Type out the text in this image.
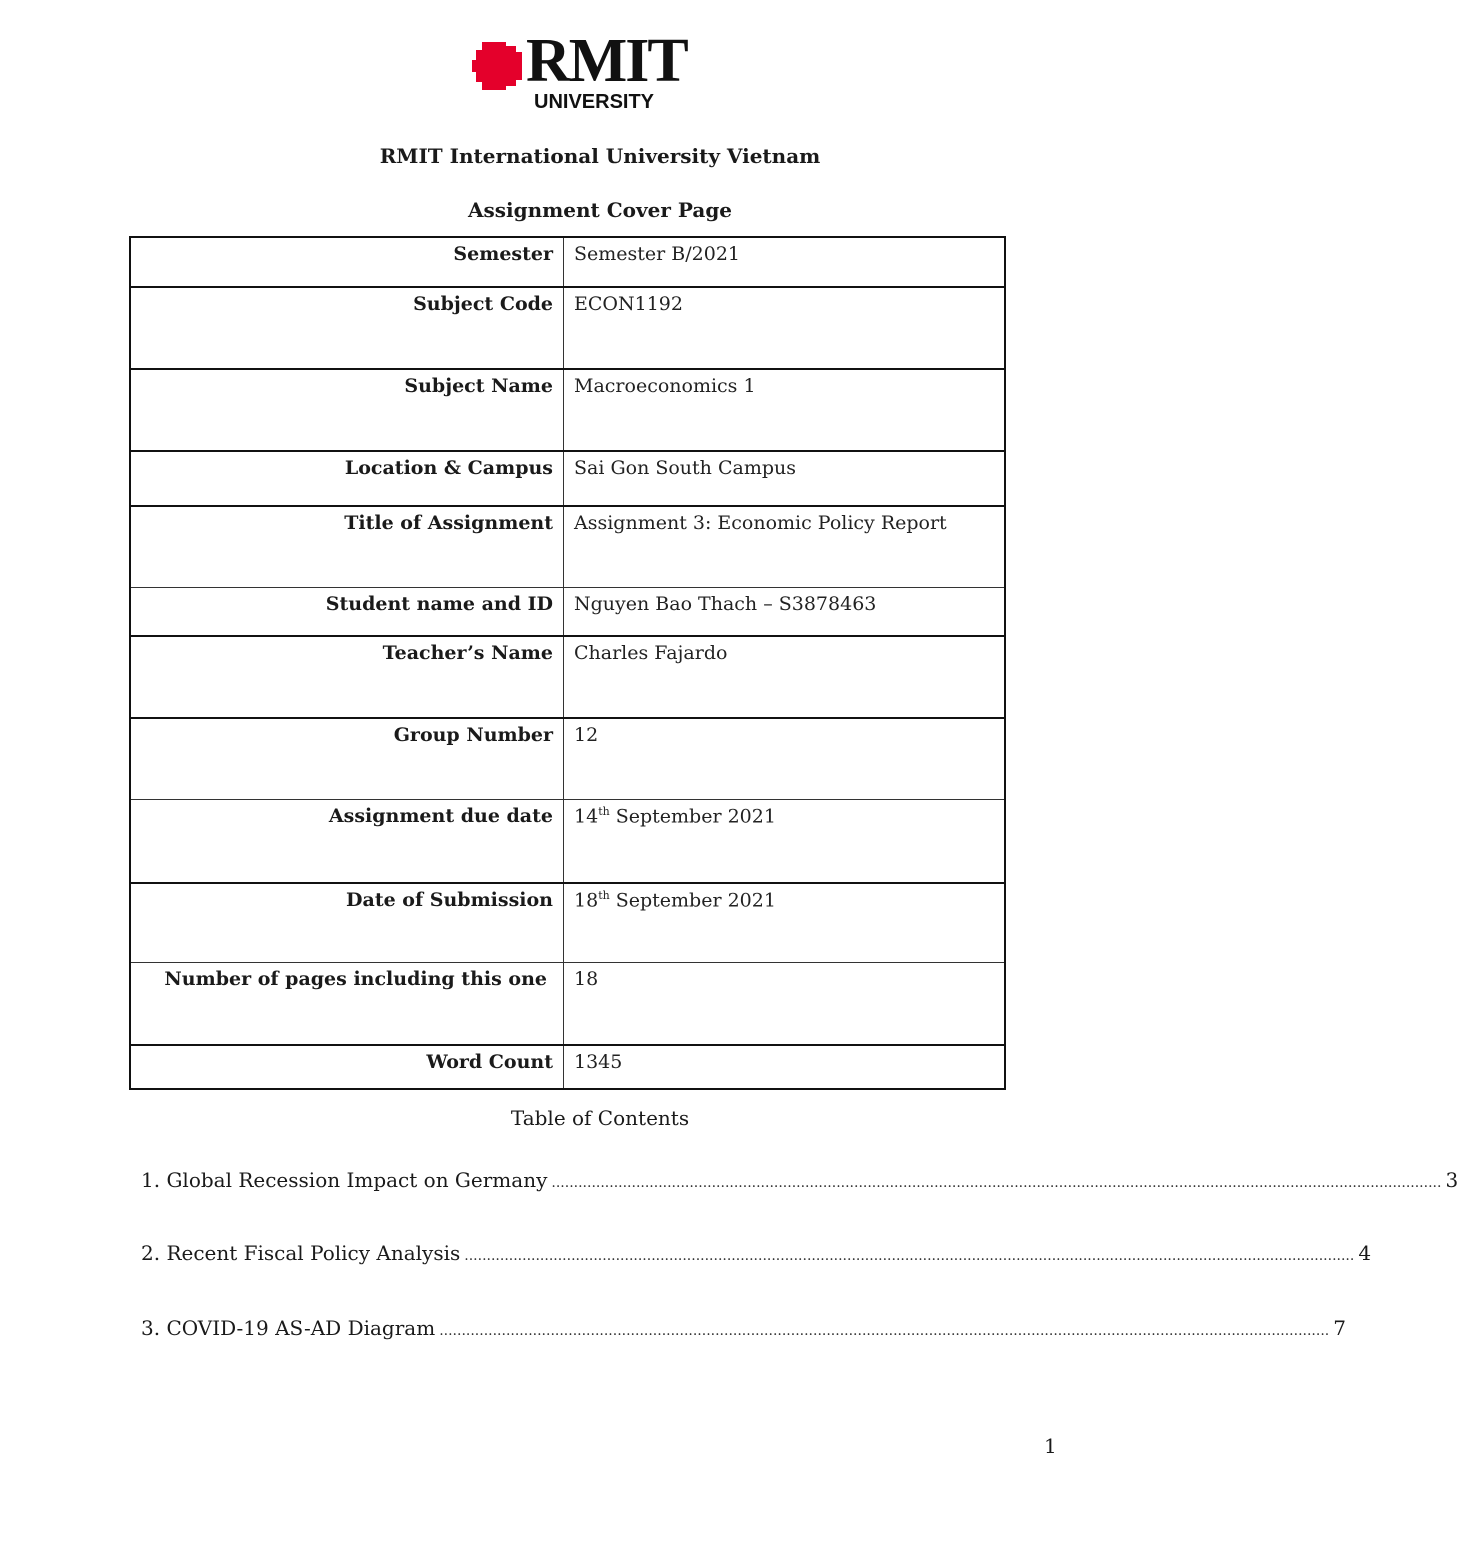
RMIT
UNIVERSITY
RMIT International University Vietnam
Assignment Cover Page
Semester	Semester B/2021
Subject Code	ECON1192
Subject Name	Macroeconomics 1
Location & Campus	Sai Gon South Campus
Title of Assignment	Assignment 3: Economic Policy Report
Student name and ID	Nguyen Bao Thach – S3878463
Teacher’s Name	Charles Fajardo
Group Number	12
Assignment due date	14th September 2021
Date of Submission	18th September 2021
Number of pages including this one	18
Word Count	1345
Table of Contents
1. Global Recession Impact on Germany ........................................................................................................................................................................................................ 3
2. Recent Fiscal Policy Analysis ........................................................................................................................................................................................................ 4
3. COVID-19 AS-AD Diagram ........................................................................................................................................................................................................ 7
1
